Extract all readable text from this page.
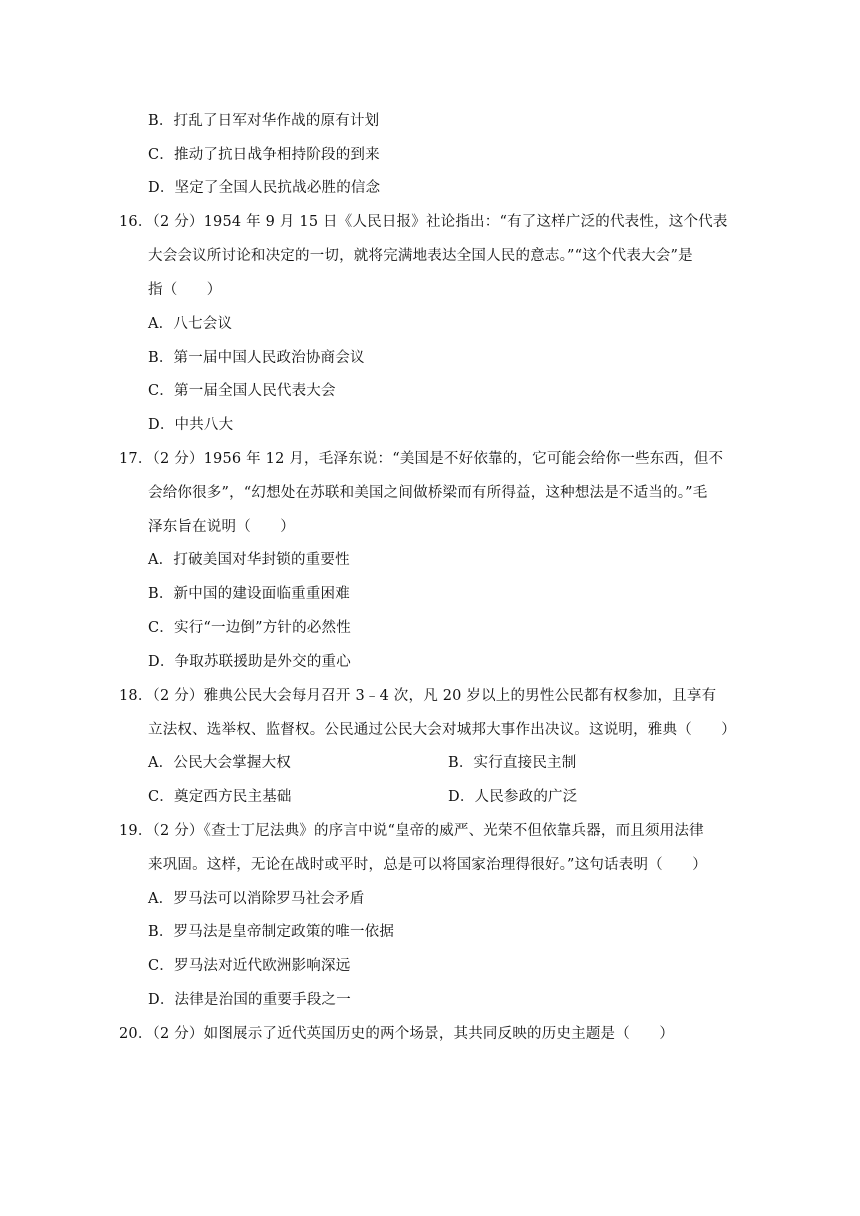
B．打乱了日军对华作战的原有计划
C．推动了抗日战争相持阶段的到来
D．坚定了全国人民抗战必胜的信念
16．（2 分）1954 年 9 月 15 日《人民日报》社论指出：“有了这样广泛的代表性，这个代表
大会会议所讨论和决定的一切，就将完满地表达全国人民的意志。”“这个代表大会”是
指（　　）
A．八七会议
B．第一届中国人民政治协商会议
C．第一届全国人民代表大会
D．中共八大
17．（2 分）1956 年 12 月，毛泽东说：“美国是不好依靠的，它可能会给你一些东西，但不
会给你很多”，“幻想处在苏联和美国之间做桥梁而有所得益，这种想法是不适当的。”毛
泽东旨在说明（　　）
A．打破美国对华封锁的重要性
B．新中国的建设面临重重困难
C．实行“一边倒”方针的必然性
D．争取苏联援助是外交的重心
18．（2 分）雅典公民大会每月召开 3﹣4 次，凡 20 岁以上的男性公民都有权参加，且享有
立法权、选举权、监督权。公民通过公民大会对城邦大事作出决议。这说明，雅典（　　）
A．公民大会掌握大权	B．实行直接民主制
C．奠定西方民主基础	D．人民参政的广泛
19．（2 分）《查士丁尼法典》的序言中说“皇帝的威严、光荣不但依靠兵器，而且须用法律
来巩固。这样，无论在战时或平时，总是可以将国家治理得很好。”这句话表明（　　）
A．罗马法可以消除罗马社会矛盾
B．罗马法是皇帝制定政策的唯一依据
C．罗马法对近代欧洲影响深远
D．法律是治国的重要手段之一
20．（2 分）如图展示了近代英国历史的两个场景，其共同反映的历史主题是（　　）
